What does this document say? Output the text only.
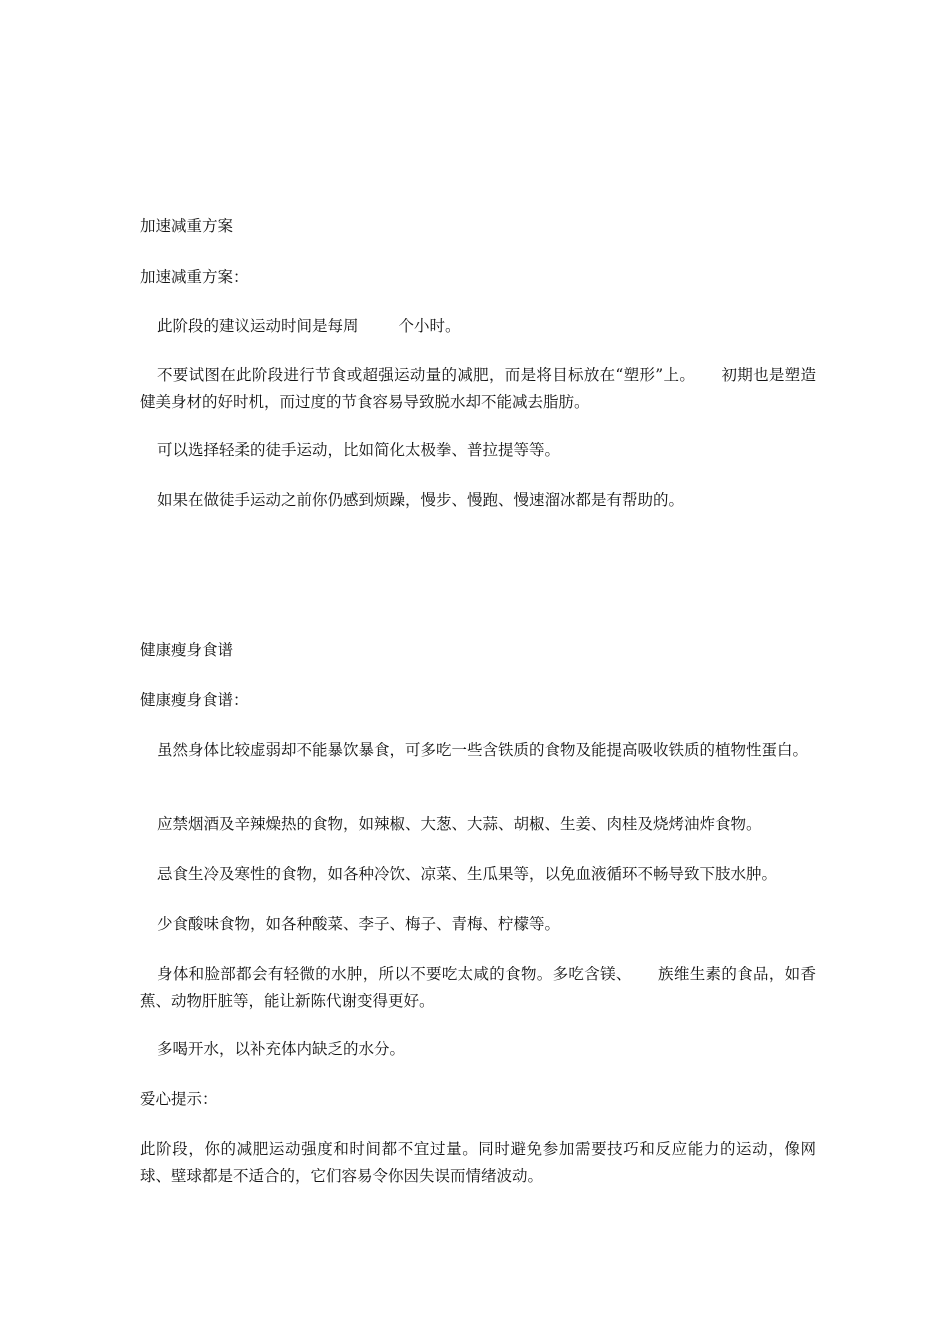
加速减重方案

加速减重方案：

此阶段的建议运动时间是每周	个小时。

不要试图在此阶段进行节食或超强运动量的减肥，而是将目标放在“塑形”上。 初期也是塑造健美身材的好时机，而过度的节食容易导致脱水却不能减去脂肪。

可以选择轻柔的徒手运动，比如简化太极拳、普拉提等等。

如果在做徒手运动之前你仍感到烦躁，慢步、慢跑、慢速溜冰都是有帮助的。

健康瘦身食谱

健康瘦身食谱：

虽然身体比较虚弱却不能暴饮暴食，可多吃一些含铁质的食物及能提高吸收铁质的植物性蛋白。

应禁烟酒及辛辣燥热的食物，如辣椒、大葱、大蒜、胡椒、生姜、肉桂及烧烤油炸食物。

忌食生冷及寒性的食物，如各种冷饮、凉菜、生瓜果等，以免血液循环不畅导致下肢水肿。

少食酸味食物，如各种酸菜、李子、梅子、青梅、柠檬等。

身体和脸部都会有轻微的水肿，所以不要吃太咸的食物。多吃含镁、 族维生素的食品，如香蕉、动物肝脏等，能让新陈代谢变得更好。

多喝开水，以补充体内缺乏的水分。

爱心提示：

此阶段，你的减肥运动强度和时间都不宜过量。同时避免参加需要技巧和反应能力的运动，像网球、壁球都是不适合的，它们容易令你因失误而情绪波动。
